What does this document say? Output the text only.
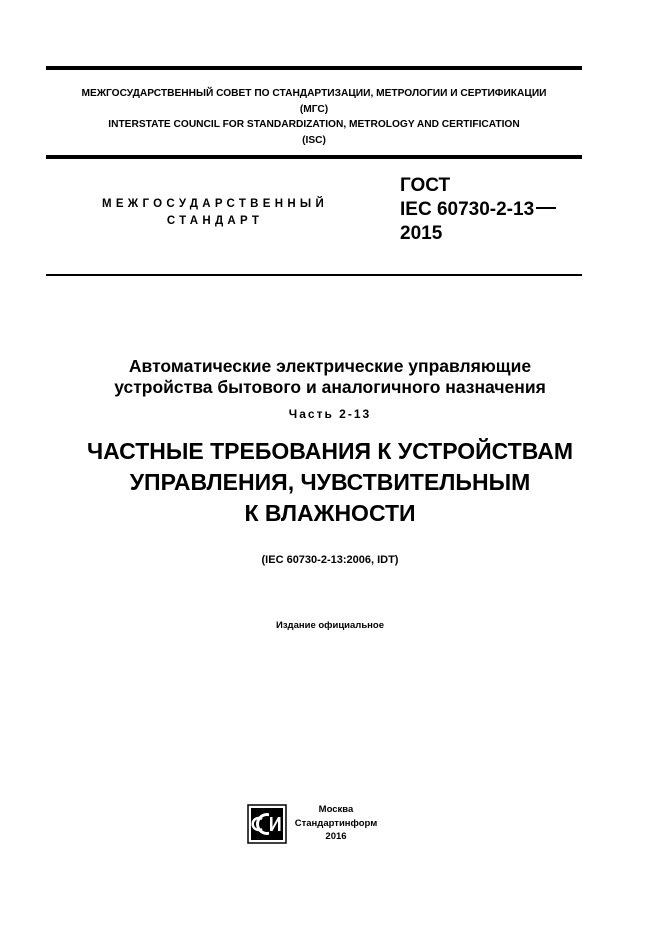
МЕЖГОСУДАРСТВЕННЫЙ СОВЕТ ПО СТАНДАРТИЗАЦИИ, МЕТРОЛОГИИ И СЕРТИФИКАЦИИ
(МГС)
INTERSTATE COUNCIL FOR STANDARDIZATION, METROLOGY AND CERTIFICATION
(ISC)
МЕЖГОСУДАРСТВЕННЫЙ
СТАНДАРТ
ГОСТ
IEC 60730-2-13
2015
Автоматические электрические управляющие
устройства бытового и аналогичного назначения
Часть 2-13
ЧАСТНЫЕ ТРЕБОВАНИЯ К УСТРОЙСТВАМ
УПРАВЛЕНИЯ, ЧУВСТВИТЕЛЬНЫМ
К ВЛАЖНОСТИ
(IEC 60730-2-13:2006, IDT)
Издание официальное
Москва
Стандартинформ
2016
